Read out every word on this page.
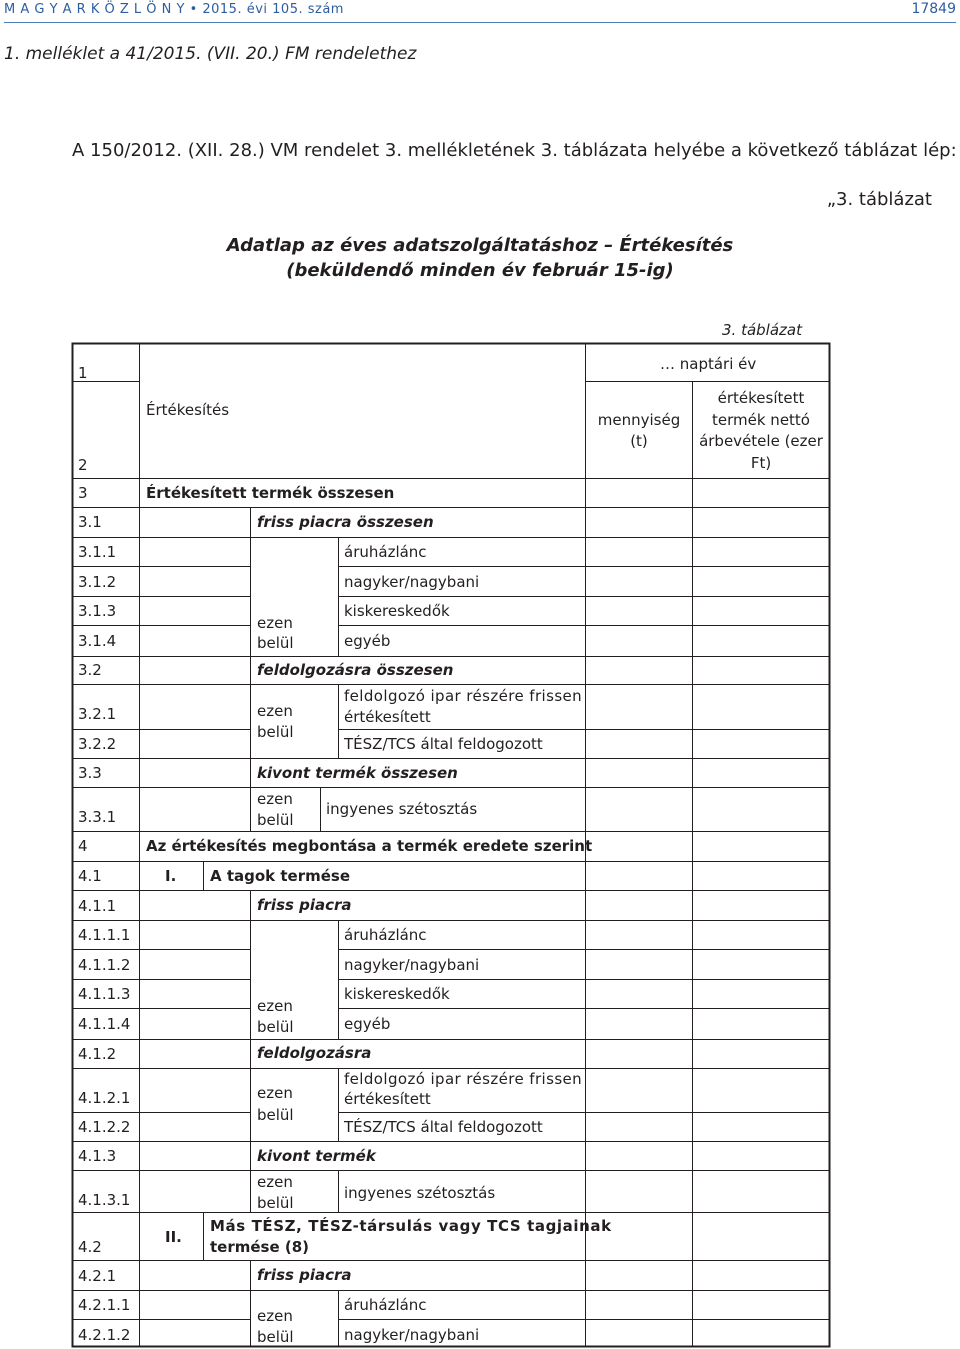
M A G Y A R K Ö Z L Ö N Y • 2015. évi 105. szám	17849
1. melléklet a 41/2015. (VII. 20.) FM rendelethez
A 150/2012. (XII. 28.) VM rendelet 3. mellékletének 3. táblázata helyébe a következő táblázat lép:
„3. táblázat
Adatlap az éves adatszolgáltatáshoz – Értékesítés
(beküldendő minden év február 15-ig)
3. táblázat
1
2
Értékesítés
… naptári év
mennyiség
(t)
értékesített
termék nettó
árbevétele (ezer
Ft)
3
3.1
3.1.1
3.1.2
3.1.3
3.1.4
3.2
3.2.1
3.2.2
3.3
3.3.1
4
4.1
4.1.1
4.1.1.1
4.1.1.2
4.1.1.3
4.1.1.4
4.1.2
4.1.2.1
4.1.2.2
4.1.3
4.1.3.1
4.2
4.2.1
4.2.1.1
4.2.1.2
Értékesített termék összesen
friss piacra összesen
áruházlánc
nagyker/nagybani
kiskereskedők
egyéb
ezen
belül
feldolgozásra összesen
feldolgozó ipar részére frissen
értékesített
TÉSZ/TCS által feldogozott
ezen
belül
kivont termék összesen
ezen
belül
ingyenes szétosztás
Az értékesítés megbontása a termék eredete szerint
I. A tagok termése
friss piacra
áruházlánc
nagyker/nagybani
kiskereskedők
egyéb
ezen
belül
feldolgozásra
feldolgozó ipar részére frissen
értékesített
TÉSZ/TCS által feldogozott
ezen
belül
kivont termék
ezen
belül
ingyenes szétosztás
II.
Más TÉSZ, TÉSZ-társulás vagy TCS tagjainak
termése (8)
friss piacra
áruházlánc
nagyker/nagybani
ezen
belül
